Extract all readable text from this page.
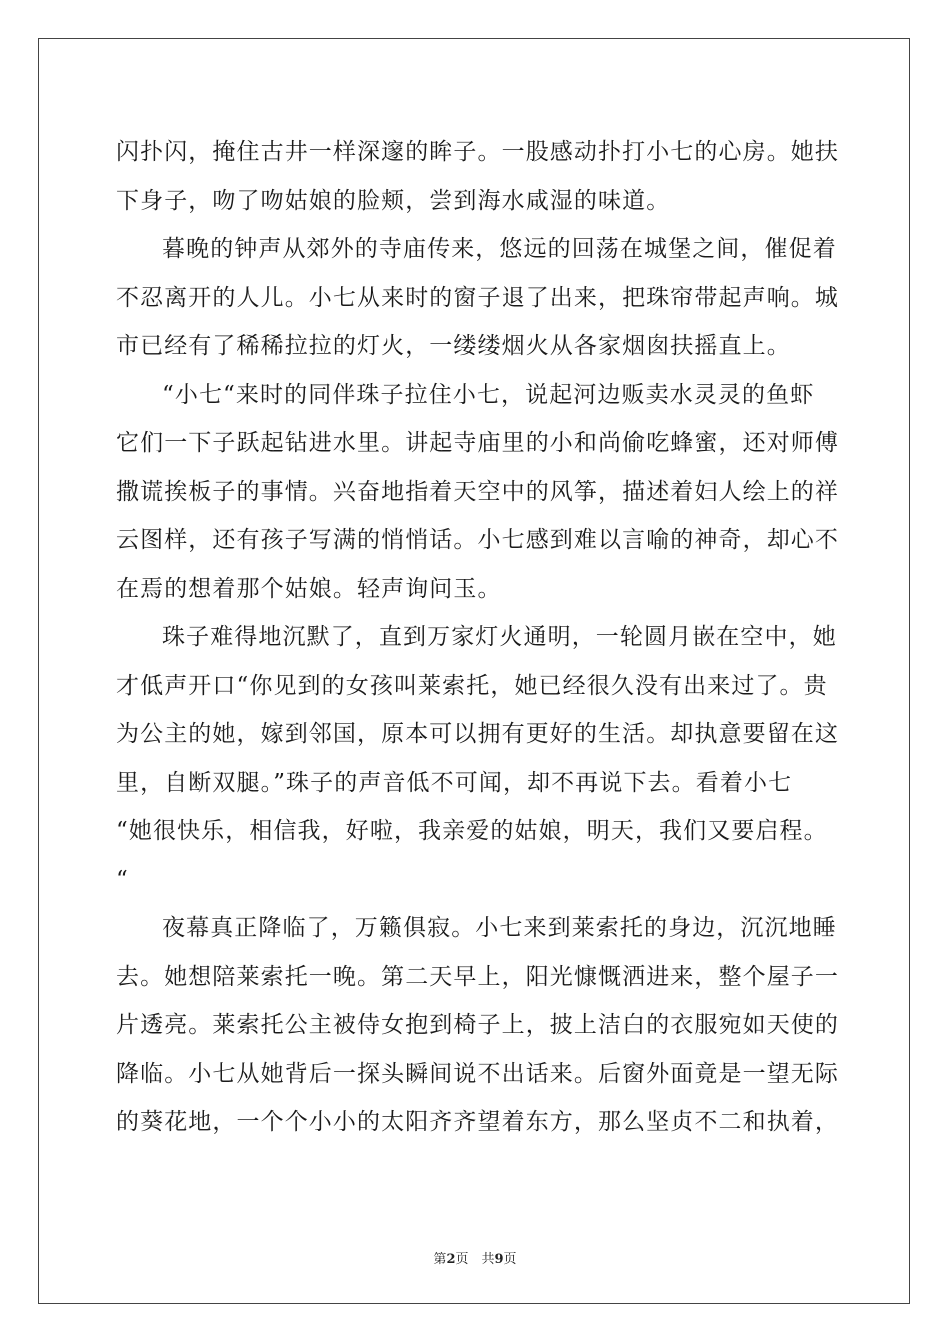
闪扑闪，掩住古井一样深邃的眸子。一股感动扑打小七的心房。她扶
下身子，吻了吻姑娘的脸颊，尝到海水咸湿的味道。
暮晚的钟声从郊外的寺庙传来，悠远的回荡在城堡之间，催促着
不忍离开的人儿。小七从来时的窗子退了出来，把珠帘带起声响。城
市已经有了稀稀拉拉的灯火，一缕缕烟火从各家烟囱扶摇直上。
“小七“来时的同伴珠子拉住小七，说起河边贩卖水灵灵的鱼虾
它们一下子跃起钻进水里。讲起寺庙里的小和尚偷吃蜂蜜，还对师傅
撒谎挨板子的事情。兴奋地指着天空中的风筝，描述着妇人绘上的祥
云图样，还有孩子写满的悄悄话。小七感到难以言喻的神奇，却心不
在焉的想着那个姑娘。轻声询问玉。
珠子难得地沉默了，直到万家灯火通明，一轮圆月嵌在空中，她
才低声开口“你见到的女孩叫莱索托，她已经很久没有出来过了。贵
为公主的她，嫁到邻国，原本可以拥有更好的生活。却执意要留在这
里，自断双腿。”珠子的声音低不可闻，却不再说下去。看着小七
“她很快乐，相信我，好啦，我亲爱的姑娘，明天，我们又要启程。
“
夜幕真正降临了，万籁俱寂。小七来到莱索托的身边，沉沉地睡
去。她想陪莱索托一晚。第二天早上，阳光慷慨洒进来，整个屋子一
片透亮。莱索托公主被侍女抱到椅子上，披上洁白的衣服宛如天使的
降临。小七从她背后一探头瞬间说不出话来。后窗外面竟是一望无际
的葵花地，一个个小小的太阳齐齐望着东方，那么坚贞不二和执着，
第2页　共9页
